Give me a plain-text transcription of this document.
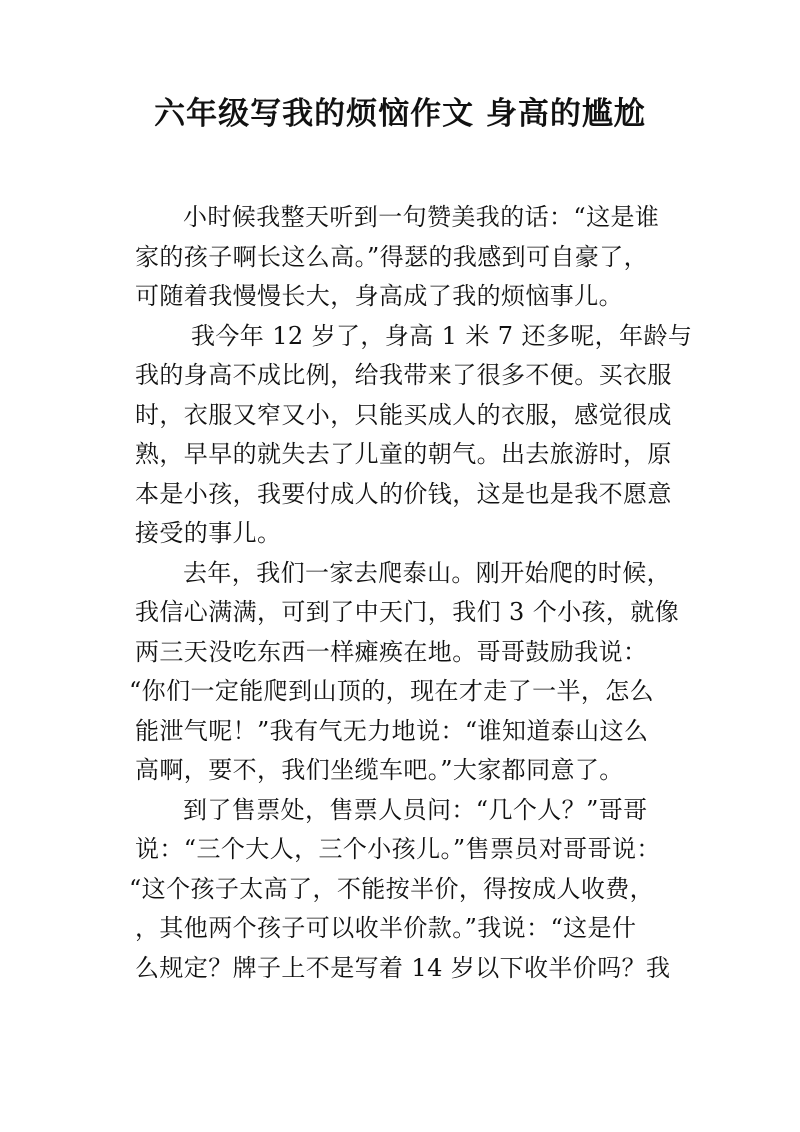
六年级写我的烦恼作文 身高的尴尬
小时候我整天听到一句赞美我的话：“这是谁
家的孩子啊长这么高。”得瑟的我感到可自豪了，
可随着我慢慢长大，身高成了我的烦恼事儿。
我今年 12 岁了，身高 1 米 7 还多呢，年龄与
我的身高不成比例，给我带来了很多不便。买衣服
时，衣服又窄又小，只能买成人的衣服，感觉很成
熟，早早的就失去了儿童的朝气。出去旅游时，原
本是小孩，我要付成人的价钱，这是也是我不愿意
接受的事儿。
去年，我们一家去爬泰山。刚开始爬的时候，
我信心满满，可到了中天门，我们 3 个小孩，就像
两三天没吃东西一样瘫痪在地。哥哥鼓励我说：
“你们一定能爬到山顶的，现在才走了一半，怎么
能泄气呢！”我有气无力地说：“谁知道泰山这么
高啊，要不，我们坐缆车吧。”大家都同意了。
到了售票处，售票人员问：“几个人？”哥哥
说：“三个大人，三个小孩儿。”售票员对哥哥说：
“这个孩子太高了，不能按半价，得按成人收费，
，其他两个孩子可以收半价款。”我说：“这是什
么规定？牌子上不是写着 14 岁以下收半价吗？我
